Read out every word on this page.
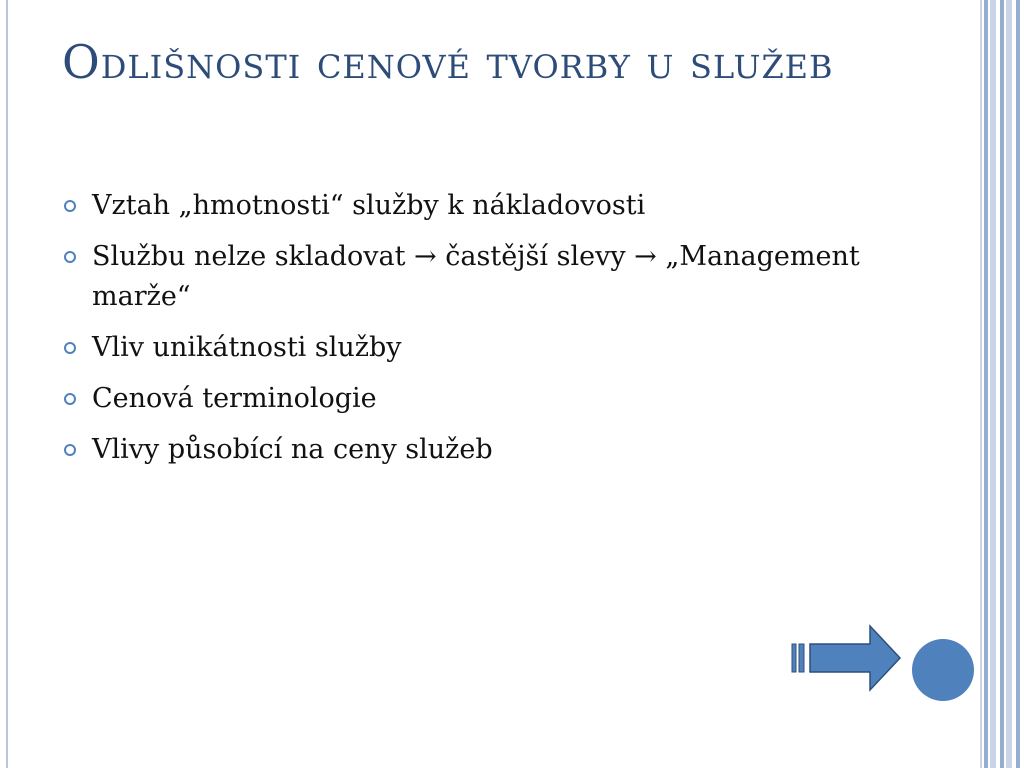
Odlišnosti cenové tvorby u služeb
Vztah „hmotnosti“ služby k nákladovosti
Službu nelze skladovat → častější slevy → „Management marže“
Vliv unikátnosti služby
Cenová terminologie
Vlivy působící na ceny služeb
